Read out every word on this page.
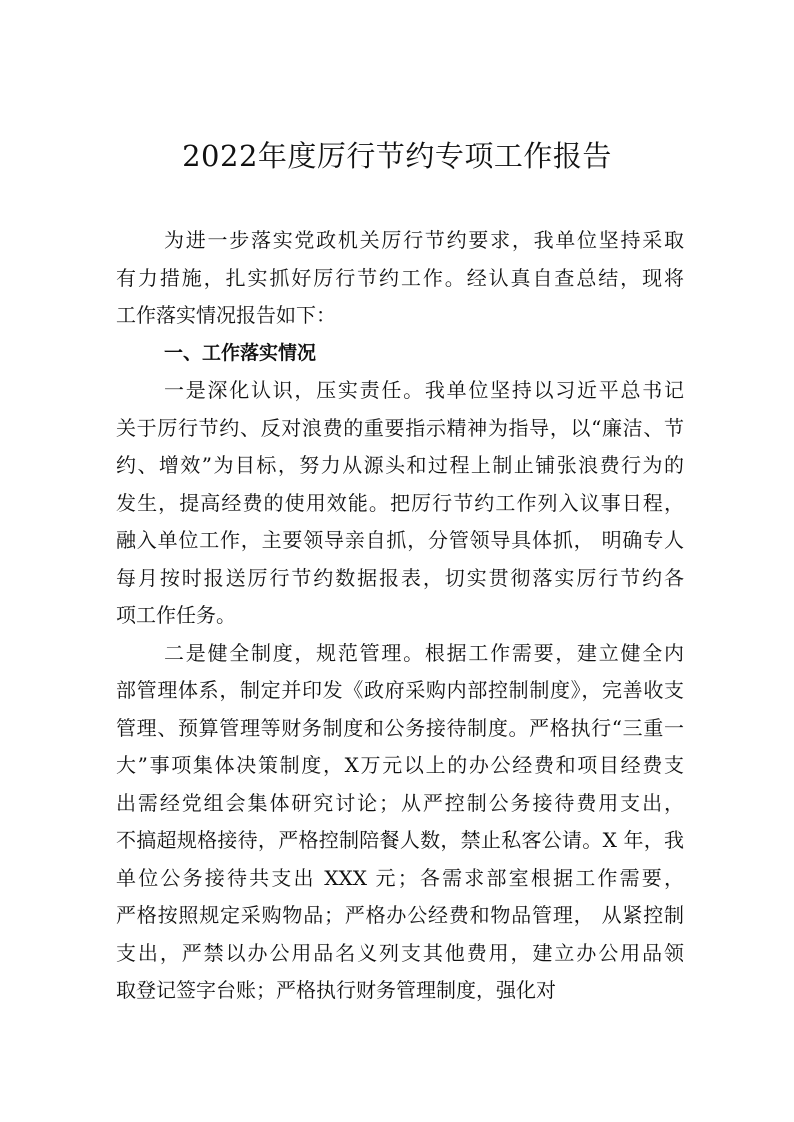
2022年度厉行节约专项工作报告
为进一步落实党政机关厉行节约要求，我单位坚持采取
有力措施，扎实抓好厉行节约工作。经认真自查总结，现将
工作落实情况报告如下：
一、工作落实情况
一是深化认识，压实责任。我单位坚持以习近平总书记
关于厉行节约、反对浪费的重要指示精神为指导，以“廉洁、节
约、增效”为目标，努力从源头和过程上制止铺张浪费行为的
发生，提高经费的使用效能。把厉行节约工作列入议事日程，
融入单位工作，主要领导亲自抓，分管领导具体抓， 明确专人
每月按时报送厉行节约数据报表，切实贯彻落实厉行节约各
项工作任务。
二是健全制度，规范管理。根据工作需要，建立健全内
部管理体系，制定并印发《政府采购内部控制制度》，完善收支
管理、预算管理等财务制度和公务接待制度。严格执行“三重一
大”事项集体决策制度，X万元以上的办公经费和项目经费支
出需经党组会集体研究讨论；从严控制公务接待费用支出，
不搞超规格接待，严格控制陪餐人数，禁止私客公请。X 年，我
单位公务接待共支出 XXX 元；各需求部室根据工作需要，
严格按照规定采购物品；严格办公经费和物品管理， 从紧控制
支出，严禁以办公用品名义列支其他费用，建立办公用品领
取登记签字台账；严格执行财务管理制度，强化对
